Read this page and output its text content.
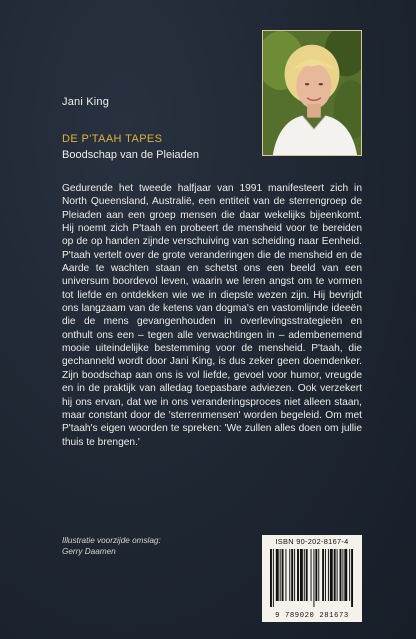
Jani King
DE P'TAAH TAPES
Boodschap van de Pleiaden
Gedurende het tweede halfjaar van 1991 manifesteert zich in North Queensland, Australië, een entiteit van de sterrengroep de Pleiaden aan een groep mensen die daar wekelijks bijeenkomt. Hij noemt zich P'taah en probeert de mensheid voor te bereiden op de op handen zijnde verschuiving van scheiding naar Eenheid. P'taah vertelt over de grote veranderingen die de mensheid en de Aarde te wachten staan en schetst ons een beeld van een universum boordevol leven, waarin we leren angst om te vormen tot liefde en ontdekken wie we in diepste wezen zijn. Hij bevrijdt ons langzaam van de ketens van dogma's en vastomlijnde ideeën die de mens gevangenhouden in overlevingsstrategieën en onthult ons een – tegen alle verwachtingen in – adembenemend mooie uiteindelijke bestemming voor de mensheid. P'taah, die gechanneld wordt door Jani King, is dus zeker geen doemdenker. Zijn boodschap aan ons is vol liefde, gevoel voor humor, vreugde en in de praktijk van alledag toepasbare adviezen. Ook verzekert hij ons ervan, dat we in ons veranderingsproces niet alleen staan, maar constant door de 'sterrenmensen' worden begeleid. Om met P'taah's eigen woorden te spreken: 'We zullen alles doen om jullie thuis te brengen.'
Illustratie voorzijde omslag:
Gerry Daamen
ISBN 90-202-8167-4
9 789020 281673
